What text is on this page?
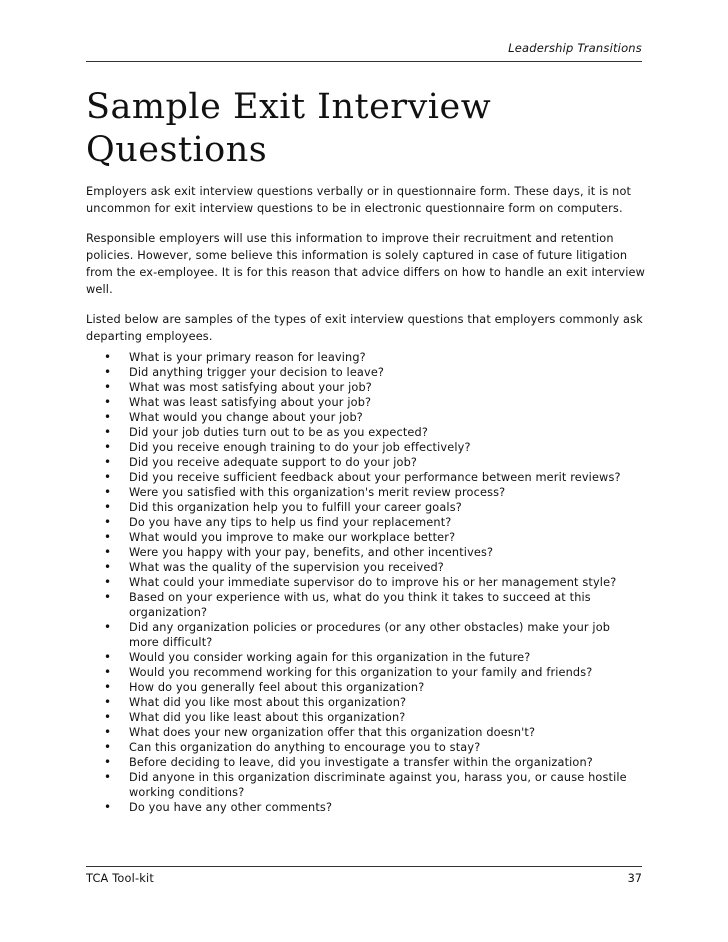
Leadership Transitions
Sample Exit Interview
Questions

Employers ask exit interview questions verbally or in questionnaire form. These days, it is not uncommon for exit interview questions to be in electronic questionnaire form on computers.

Responsible employers will use this information to improve their recruitment and retention policies. However, some believe this information is solely captured in case of future litigation from the ex-employee. It is for this reason that advice differs on how to handle an exit interview well.

Listed below are samples of the types of exit interview questions that employers commonly ask departing employees.

• What is your primary reason for leaving?
• Did anything trigger your decision to leave?
• What was most satisfying about your job?
• What was least satisfying about your job?
• What would you change about your job?
• Did your job duties turn out to be as you expected?
• Did you receive enough training to do your job effectively?
• Did you receive adequate support to do your job?
• Did you receive sufficient feedback about your performance between merit reviews?
• Were you satisfied with this organization's merit review process?
• Did this organization help you to fulfill your career goals?
• Do you have any tips to help us find your replacement?
• What would you improve to make our workplace better?
• Were you happy with your pay, benefits, and other incentives?
• What was the quality of the supervision you received?
• What could your immediate supervisor do to improve his or her management style?
• Based on your experience with us, what do you think it takes to succeed at this organization?
• Did any organization policies or procedures (or any other obstacles) make your job more difficult?
• Would you consider working again for this organization in the future?
• Would you recommend working for this organization to your family and friends?
• How do you generally feel about this organization?
• What did you like most about this organization?
• What did you like least about this organization?
• What does your new organization offer that this organization doesn't?
• Can this organization do anything to encourage you to stay?
• Before deciding to leave, did you investigate a transfer within the organization?
• Did anyone in this organization discriminate against you, harass you, or cause hostile working conditions?
• Do you have any other comments?
TCA Tool-kit	37
